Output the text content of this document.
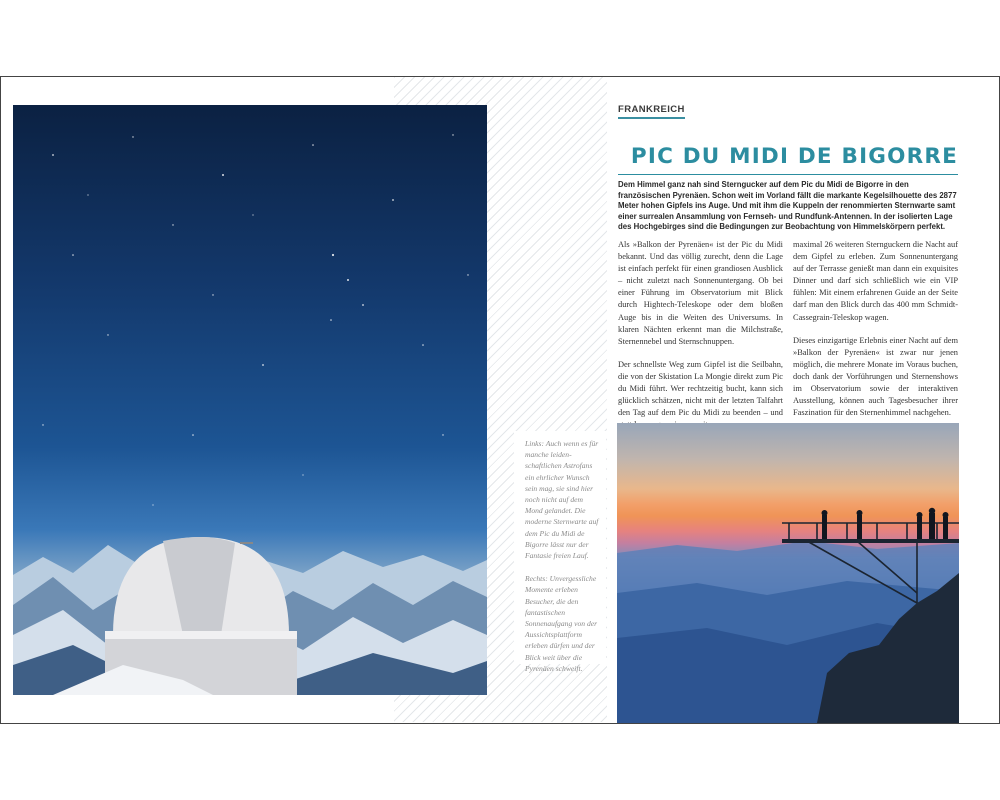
Links: Auch wenn es für manche leidenschaftlichen Astrofans ein ehrlicher Wunsch sein mag, sie sind hier noch nicht auf dem Mond gelandet. Die moderne Sternwarte auf dem Pic du Midi de Bigorre lässt nur der Fantasie freien Lauf.

Rechts: Unvergessliche Momente erleben Besucher, die den fantastischen Sonnenaufgang von der Aussichtsplattform erleben dürfen und der Blick weit über die Pyrenäen schweift.

FRANKREICH
PIC DU MIDI DE BIGORRE

Dem Himmel ganz nah sind Sterngucker auf dem Pic du Midi de Bigorre in den französischen Pyrenäen. Schon weit im Vorland fällt die markante Kegelsilhouette des 2877 Meter hohen Gipfels ins Auge. Und mit ihm die Kuppeln der renommierten Sternwarte samt einer surrealen Ansammlung von Fernseh- und Rundfunk-Antennen. In der isolierten Lage des Hochgebirges sind die Bedingungen zur Beobachtung von Himmelskörpern perfekt.

Als »Balkon der Pyrenäen« ist der Pic du Midi bekannt. Und das völlig zurecht, denn die Lage ist einfach perfekt für einen grandiosen Ausblick – nicht zuletzt nach Sonnenuntergang. Ob bei einer Führung im Observatorium mit Blick durch Hightech-Teleskope oder dem bloßen Auge bis in die Weiten des Universums. In klaren Nächten erkennt man die Milchstraße, Sternennebel und Sternschnuppen.

Der schnellste Weg zum Gipfel ist die Seilbahn, die von der Skistation La Mongie direkt zum Pic du Midi führt. Wer rechtzeitig bucht, kann sich glücklich schätzen, nicht mit der letzten Talfahrt den Tag auf dem Pic du Midi zu beenden – und

maximal 26 weiteren Sternguckern die Nacht auf dem Gipfel zu erleben. Zum Sonnenuntergang auf der Terrasse genießt man dann ein exquisites Dinner und darf sich schließlich wie ein VIP fühlen: Mit einem erfahrenen Guide an der Seite darf man den Blick durch das 400 mm Schmidt-Cassegrain-Teleskop wagen.

Dieses einzigartige Erlebnis einer Nacht auf dem »Balkon der Pyrenäen« ist zwar nur jenen möglich, die mehrere Monate im Voraus buchen, doch dank der Vorführungen und Sternenshows im Observatorium sowie der interaktiven Ausstellung, können auch Tagesbesucher ihrer Faszination für den Sternenhimmel nachgehen.
